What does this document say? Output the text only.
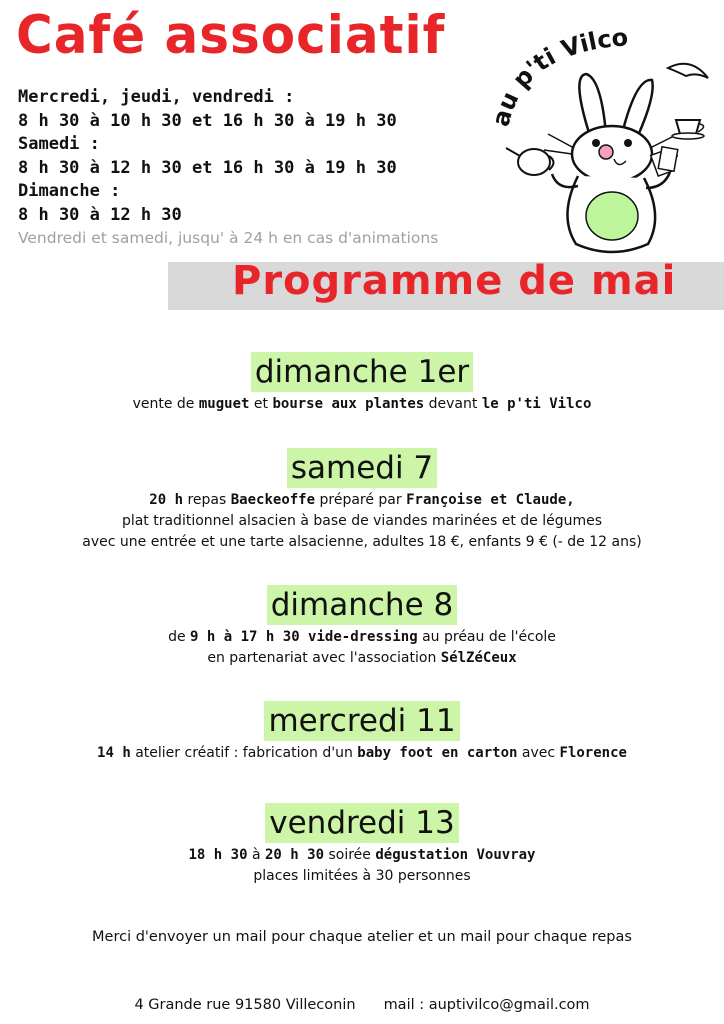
Café associatif
Mercredi, jeudi, vendredi :
8 h 30 à 10 h 30 et 16 h 30 à 19 h 30
Samedi :
8 h 30 à 12 h 30 et 16 h 30 à 19 h 30
Dimanche :
8 h 30 à 12 h 30
Vendredi et samedi, jusqu' à 24 h en cas d'animations
au p'ti Vilco
Programme de mai
dimanche 1er
vente de muguet et bourse aux plantes devant le p'ti Vilco
samedi 7
20 h repas Baeckeoffe préparé par Françoise et Claude,
plat traditionnel alsacien à base de viandes marinées et de légumes
avec une entrée et une tarte alsacienne, adultes 18 €, enfants 9 € (- de 12 ans)
dimanche 8
de 9 h à 17 h 30 vide-dressing au préau de l'école
en partenariat avec l'association SélZéCeux
mercredi 11
14 h atelier créatif : fabrication d'un baby foot en carton avec Florence
vendredi 13
18 h 30 à 20 h 30 soirée dégustation Vouvray
places limitées à 30 personnes
Merci d'envoyer un mail pour chaque atelier et un mail pour chaque repas
4 Grande rue 91580 Villeconin mail : auptivilco@gmail.com
